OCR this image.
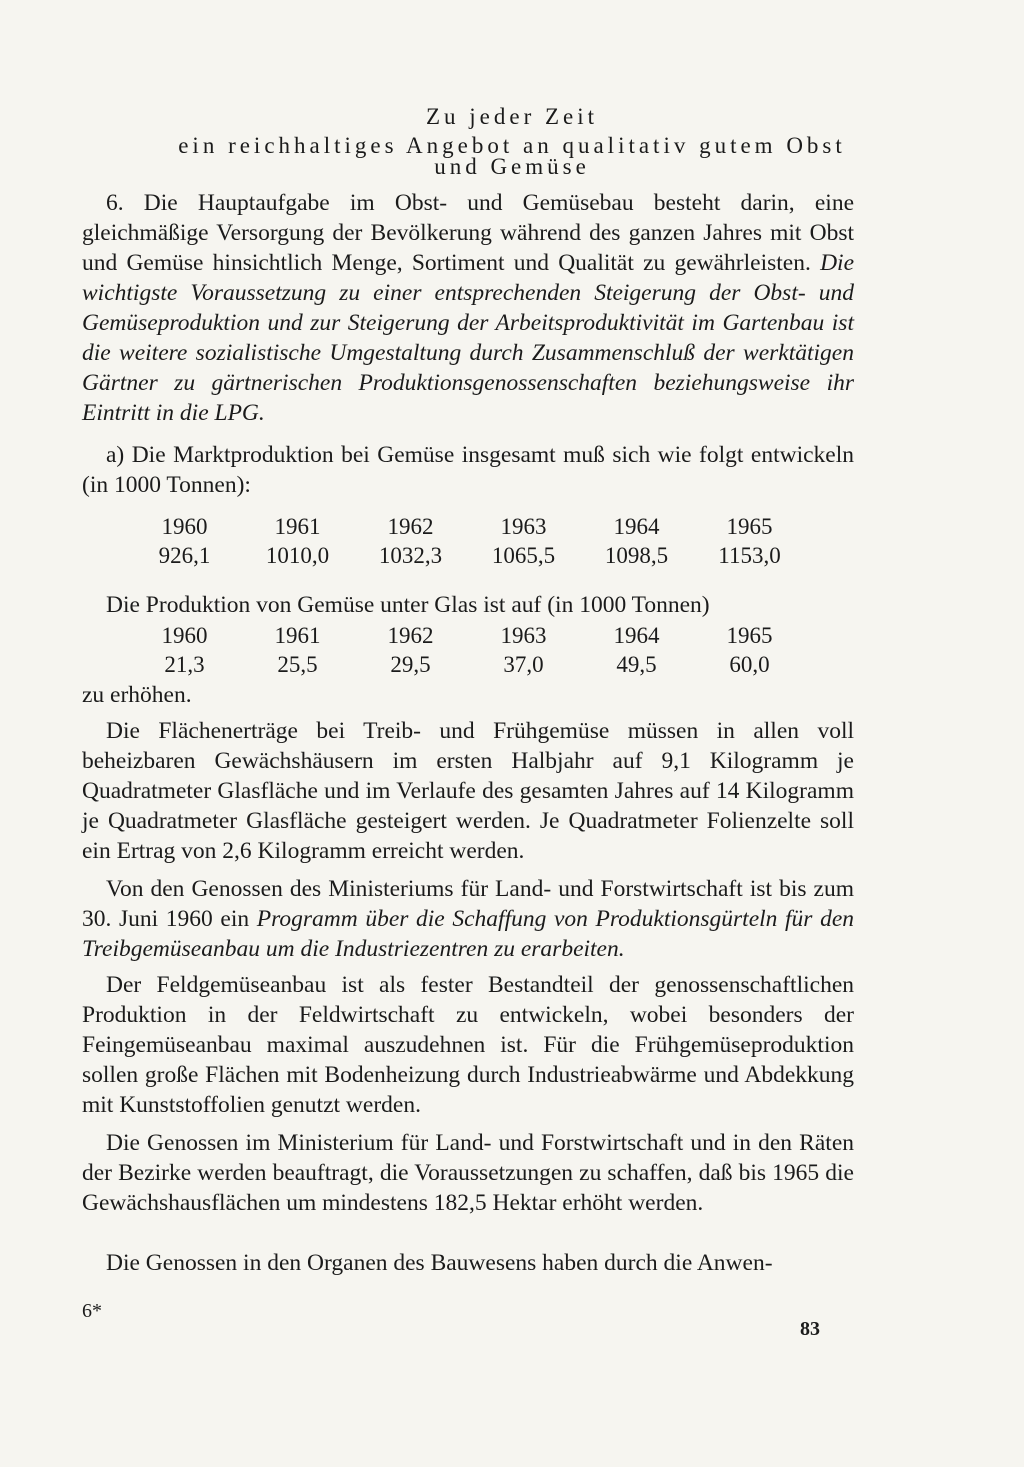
Zu jeder Zeit
ein reichhaltiges Angebot an qualitativ gutem Obst
und Gemüse

6. Die Hauptaufgabe im Obst- und Gemüsebau besteht darin, eine gleichmäßige Versorgung der Bevölkerung während des ganzen Jahres mit Obst und Gemüse hinsichtlich Menge, Sortiment und Qualität zu gewährleisten. Die wichtigste Voraussetzung zu einer entsprechenden Steigerung der Obst- und Gemüseproduktion und zur Steigerung der Arbeitsproduktivität im Gartenbau ist die weitere sozialistische Umgestaltung durch Zusammenschluß der werktätigen Gärtner zu gärtnerischen Produktionsgenossenschaften beziehungsweise ihr Eintritt in die LPG.

a) Die Marktproduktion bei Gemüse insgesamt muß sich wie folgt entwickeln (in 1000 Tonnen):

1960	1961	1962	1963	1964	1965
926,1	1010,0	1032,3	1065,5	1098,5	1153,0
Die Produktion von Gemüse unter Glas ist auf (in 1000 Tonnen)
1960	1961	1962	1963	1964	1965
21,3	25,5	29,5	37,0	49,5	60,0
zu erhöhen.

Die Flächenerträge bei Treib- und Frühgemüse müssen in allen voll beheizbaren Gewächshäusern im ersten Halbjahr auf 9,1 Kilogramm je Quadratmeter Glasfläche und im Verlaufe des gesamten Jahres auf 14 Kilogramm je Quadratmeter Glasfläche gesteigert werden. Je Quadratmeter Folienzelte soll ein Ertrag von 2,6 Kilogramm erreicht werden.

Von den Genossen des Ministeriums für Land- und Forstwirtschaft ist bis zum 30. Juni 1960 ein Programm über die Schaffung von Produktionsgürteln für den Treibgemüseanbau um die Industriezentren zu erarbeiten.

Der Feldgemüseanbau ist als fester Bestandteil der genossenschaftlichen Produktion in der Feldwirtschaft zu entwickeln, wobei besonders der Feingemüseanbau maximal auszudehnen ist. Für die Frühgemüseproduktion sollen große Flächen mit Bodenheizung durch Industrieabwärme und Abdekkung mit Kunststoffolien genutzt werden.

Die Genossen im Ministerium für Land- und Forstwirtschaft und in den Räten der Bezirke werden beauftragt, die Voraussetzungen zu schaffen, daß bis 1965 die Gewächshausflächen um mindestens 182,5 Hektar erhöht werden.

Die Genossen in den Organen des Bauwesens haben durch die Anwen-

6*
83
